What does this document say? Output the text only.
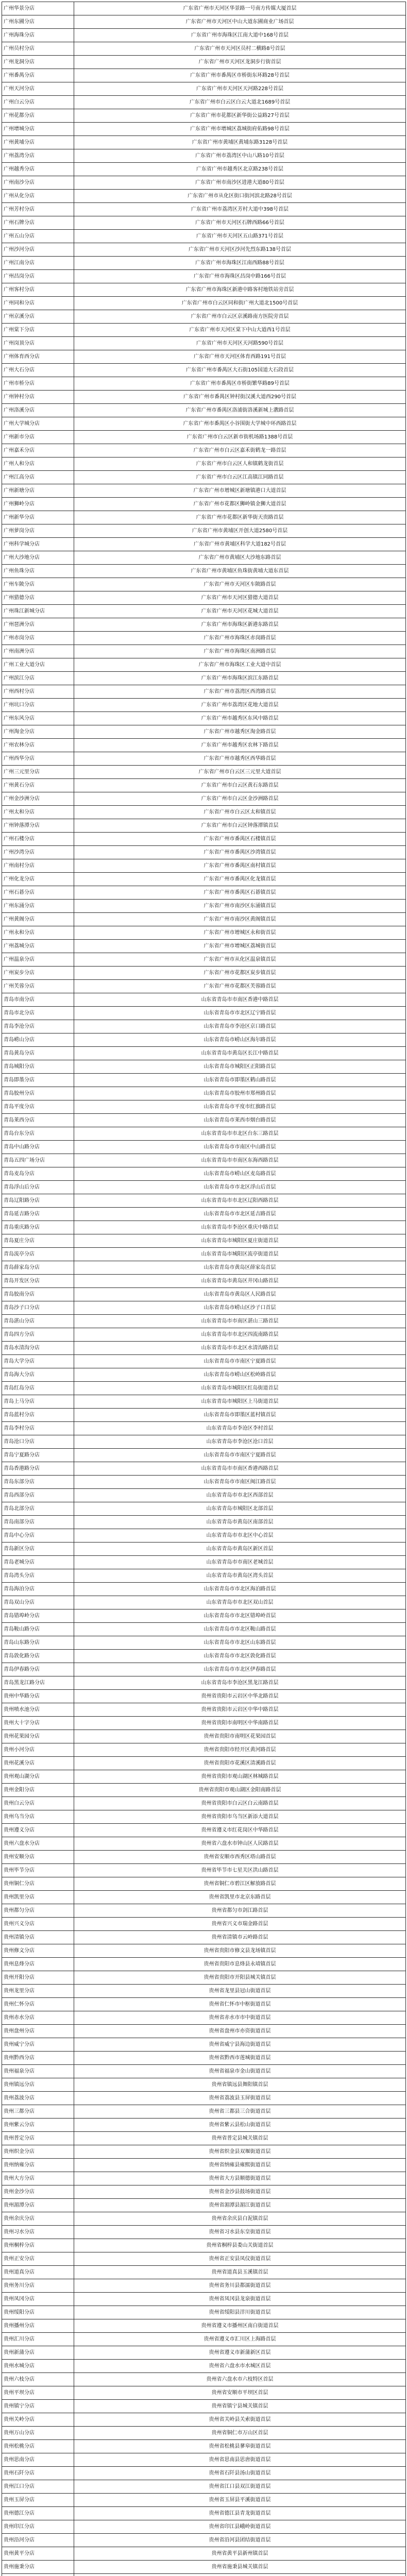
广州华景分店	广东省广州市天河区华景路一号南方传媒大厦首层
广州东圃分店	广东省广州市天河区中山大道东圃商业广场首层
广州海珠分店	广东省广州市海珠区江南大道中168号首层
广州员村分店	广东省广州市天河区员村二横路8号首层
广州龙洞分店	广东省广州市天河区龙洞步行街首层
广州番禺分店	广东省广州市番禺区市桥街东环路28号首层
广州天河分店	广东省广州市天河区天河路228号首层
广州白云分店	广东省广州市白云区白云大道北1689号首层
广州花都分店	广东省广州市花都区新华街公益路27号首层
广州增城分店	广东省广州市增城区荔城街府佑路98号首层
广州黄埔分店	广东省广州市黄埔区黄埔东路3128号首层
广州荔湾分店	广东省广州市荔湾区中山八路10号首层
广州越秀分店	广东省广州市越秀区北京路238号首层
广州南沙分店	广东省广州市南沙区进港大道80号首层
广州从化分店	广东省广州市从化区街口街河滨北路28号首层
广州芳村分店	广东省广州市荔湾区芳村大道中398号首层
广州石牌分店	广东省广州市天河区石牌西路66号首层
广州五山分店	广东省广州市天河区五山路371号首层
广州沙河分店	广东省广州市天河区沙河先烈东路138号首层
广州江南分店	广东省广州市海珠区江南西路88号首层
广州昌岗分店	广东省广州市海珠区昌岗中路166号首层
广州客村分店	广东省广州市海珠区新港中路客村地铁站旁首层
广州同和分店	广东省广州市白云区同和街广州大道北1500号首层
广州京溪分店	广东省广州市白云区京溪路南方医院旁首层
广州棠下分店	广东省广州市天河区棠下中山大道西1号首层
广州岗顶分店	广东省广州市天河区天河路590号首层
广州体育西分店	广东省广州市天河区体育西路191号首层
广州大石分店	广东省广州市番禺区大石街105国道大石段首层
广州市桥分店	广东省广州市番禺区市桥街繁华路89号首层
广州钟村分店	广东省广州市番禺区钟村街汉溪大道西290号首层
广州洛溪分店	广东省广州市番禺区洛浦街洛溪新城上漖路首层
广州大学城分店	广东省广州市番禺区小谷围街大学城中环西路首层
广州新市分店	广东省广州市白云区新市街机场路1388号首层
广州嘉禾分店	广东省广州市白云区嘉禾街鹤龙一路首层
广州人和分店	广东省广州市白云区人和镇鹤龙街首层
广州江高分店	广东省广州市白云区江高镇江同路首层
广州新塘分店	广东省广州市增城区新塘镇港口大道首层
广州狮岭分店	广东省广州市花都区狮岭镇金狮大道首层
广州新华分店	广东省广州市花都区新华街天贵路首层
广州萝岗分店	广东省广州市黄埔区开创大道2580号首层
广州科学城分店	广东省广州市黄埔区科学大道182号首层
广州大沙地分店	广东省广州市黄埔区大沙地东路首层
广州鱼珠分店	广东省广州市黄埔区鱼珠街黄埔大道东首层
广州车陂分店	广东省广州市天河区车陂路首层
广州猎德分店	广东省广州市天河区猎德大道首层
广州珠江新城分店	广东省广州市天河区花城大道首层
广州琶洲分店	广东省广州市海珠区新港东路首层
广州赤岗分店	广东省广州市海珠区赤岗路首层
广州南洲分店	广东省广州市海珠区南洲路首层
广州工业大道分店	广东省广州市海珠区工业大道中首层
广州滨江分店	广东省广州市海珠区滨江东路首层
广州西村分店	广东省广州市荔湾区西湾路首层
广州坑口分店	广东省广州市荔湾区花地大道首层
广州东风分店	广东省广州市越秀区东风中路首层
广州淘金分店	广东省广州市越秀区淘金路首层
广州农林分店	广东省广州市越秀区农林下路首层
广州西华分店	广东省广州市越秀区西华路首层
广州三元里分店	广东省广州市白云区三元里大道首层
广州黄石分店	广东省广州市白云区黄石东路首层
广州金沙洲分店	广东省广州市白云区金沙洲路首层
广州太和分店	广东省广州市白云区太和镇首层
广州钟落潭分店	广东省广州市白云区钟落潭镇首层
广州石楼分店	广东省广州市番禺区石楼镇首层
广州沙湾分店	广东省广州市番禺区沙湾镇首层
广州南村分店	广东省广州市番禺区南村镇首层
广州化龙分店	广东省广州市番禺区化龙镇首层
广州石碁分店	广东省广州市番禺区石碁镇首层
广州东涌分店	广东省广州市南沙区东涌镇首层
广州黄阁分店	广东省广州市南沙区黄阁镇首层
广州永和分店	广东省广州市增城区永和街首层
广州荔城分店	广东省广州市增城区荔城街首层
广州温泉分店	广东省广州市从化区温泉镇首层
广州炭步分店	广东省广州市花都区炭步镇首层
广州芙蓉分店	广东省广州市花都区芙蓉路首层
青岛市南分店	山东省青岛市市南区香港中路首层
青岛市北分店	山东省青岛市市北区辽宁路首层
青岛李沧分店	山东省青岛市李沧区京口路首层
青岛崂山分店	山东省青岛市崂山区海尔路首层
青岛黄岛分店	山东省青岛市黄岛区长江中路首层
青岛城阳分店	山东省青岛市城阳区正阳路首层
青岛即墨分店	山东省青岛市即墨区鹤山路首层
青岛胶州分店	山东省青岛市胶州市郑州路首层
青岛平度分店	山东省青岛市平度市红旗路首层
青岛莱西分店	山东省青岛市莱西市烟台路首层
青岛台东分店	山东省青岛市市北区台东三路首层
青岛中山路分店	山东省青岛市市南区中山路首层
青岛五四广场分店	山东省青岛市市南区东海西路首层
青岛麦岛分店	山东省青岛市崂山区麦岛路首层
青岛浮山后分店	山东省青岛市市北区浮山后首层
青岛辽阳路分店	山东省青岛市市北区辽阳西路首层
青岛延吉路分店	山东省青岛市市北区延吉路首层
青岛重庆路分店	山东省青岛市李沧区重庆中路首层
青岛夏庄分店	山东省青岛市城阳区夏庄街道首层
青岛流亭分店	山东省青岛市城阳区流亭街道首层
青岛薛家岛分店	山东省青岛市黄岛区薛家岛首层
青岛开发区分店	山东省青岛市黄岛区井冈山路首层
青岛胶南分店	山东省青岛市黄岛区人民路首层
青岛沙子口分店	山东省青岛市崂山区沙子口首层
青岛湛山分店	山东省青岛市市南区湛山三路首层
青岛四方分店	山东省青岛市市北区四流南路首层
青岛水清沟分店	山东省青岛市市北区水清沟路首层
青岛大学分店	山东省青岛市市南区宁夏路首层
青岛海大分店	山东省青岛市崂山区松岭路首层
青岛红岛分店	山东省青岛市城阳区红岛街道首层
青岛上马分店	山东省青岛市城阳区上马街道首层
青岛蓝村分店	山东省青岛市即墨区蓝村镇首层
青岛李村分店	山东省青岛市李沧区李村首层
青岛沧口分店	山东省青岛市李沧区沧口首层
青岛宁夏路分店	山东省青岛市市南区宁夏路首层
青岛香港路分店	山东省青岛市市南区香港西路首层
青岛东部分店	山东省青岛市市南区闽江路首层
青岛西部分店	山东省青岛市市北区西部首层
青岛北部分店	山东省青岛市城阳区北部首层
青岛南部分店	山东省青岛市黄岛区南部首层
青岛中心分店	山东省青岛市市北区中心首层
青岛新区分店	山东省青岛市黄岛区新区首层
青岛老城分店	山东省青岛市市南区老城首层
青岛湾头分店	山东省青岛市黄岛区湾头首层
青岛海泊分店	山东省青岛市市北区海泊路首层
青岛双山分店	山东省青岛市市北区双山首层
青岛错埠岭分店	山东省青岛市市北区错埠岭首层
青岛鞍山路分店	山东省青岛市市北区鞍山路首层
青岛山东路分店	山东省青岛市市北区山东路首层
青岛敦化路分店	山东省青岛市市北区敦化路首层
青岛伊春路分店	山东省青岛市市北区伊春路首层
青岛黑龙江路分店	山东省青岛市李沧区黑龙江路首层
贵州中华路分店	贵州省贵阳市云岩区中华北路首层
贵州喷水池分店	贵州省贵阳市云岩区中华中路首层
贵州大十字分店	贵州省贵阳市南明区中华南路首层
贵州花果园分店	贵州省贵阳市南明区花果园首层
贵州小河分店	贵州省贵阳市经开区黄河路首层
贵州花溪分店	贵州省贵阳市花溪区清溪路首层
贵州观山湖分店	贵州省贵阳市观山湖区林城路首层
贵州金阳分店	贵州省贵阳市观山湖区金阳南路首层
贵州白云分店	贵州省贵阳市白云区白云南路首层
贵州乌当分店	贵州省贵阳市乌当区新添大道首层
贵州遵义分店	贵州省遵义市红花岗区中华路首层
贵州六盘水分店	贵州省六盘水市钟山区人民路首层
贵州安顺分店	贵州省安顺市西秀区塔山路首层
贵州毕节分店	贵州省毕节市七星关区洪山路首层
贵州铜仁分店	贵州省铜仁市碧江区解放路首层
贵州凯里分店	贵州省凯里市北京东路首层
贵州都匀分店	贵州省都匀市剑江路首层
贵州兴义分店	贵州省兴义市瑞金路首层
贵州清镇分店	贵州省清镇市云岭路首层
贵州修文分店	贵州省贵阳市修文县龙场镇首层
贵州息烽分店	贵州省贵阳市息烽县永靖镇首层
贵州开阳分店	贵州省贵阳市开阳县城关镇首层
贵州龙里分店	贵州省龙里县冠山街道首层
贵州仁怀分店	贵州省仁怀市中枢街道首层
贵州赤水分店	贵州省赤水市市中街道首层
贵州盘州分店	贵州省盘州市亦资街道首层
贵州威宁分店	贵州省威宁县海边街道首层
贵州黔西分店	贵州省黔西市莲城街道首层
贵州福泉分店	贵州省福泉市金山街道首层
贵州镇远分店	贵州省镇远县舞阳镇首层
贵州荔波分店	贵州省荔波县玉屏街道首层
贵州三都分店	贵州省三都县三合街道首层
贵州紫云分店	贵州省紫云县松山街道首层
贵州普定分店	贵州省普定县城关镇首层
贵州织金分店	贵州省织金县双堰街道首层
贵州纳雍分店	贵州省纳雍县雍熙街道首层
贵州大方分店	贵州省大方县顺德街道首层
贵州金沙分店	贵州省金沙县鼓场街道首层
贵州湄潭分店	贵州省湄潭县湄江街道首层
贵州余庆分店	贵州省余庆县白泥镇首层
贵州习水分店	贵州省习水县东皇街道首层
贵州桐梓分店	贵州省桐梓县娄山关街道首层
贵州正安分店	贵州省正安县凤仪街道首层
贵州道真分店	贵州省道真县玉溪镇首层
贵州务川分店	贵州省务川县都濡街道首层
贵州凤冈分店	贵州省凤冈县龙泉街道首层
贵州绥阳分店	贵州省绥阳县洋川街道首层
贵州播州分店	贵州省遵义市播州区南白街道首层
贵州汇川分店	贵州省遵义市汇川区上海路首层
贵州新蒲分店	贵州省遵义市新蒲新区首层
贵州水城分店	贵州省六盘水市水城区首层
贵州六枝分店	贵州省六盘水市六枝特区首层
贵州平坝分店	贵州省安顺市平坝区首层
贵州镇宁分店	贵州省镇宁县城关镇首层
贵州关岭分店	贵州省关岭县关索街道首层
贵州万山分店	贵州省铜仁市万山区首层
贵州松桃分店	贵州省松桃县蓼皋街道首层
贵州思南分店	贵州省思南县思唐街道首层
贵州石阡分店	贵州省石阡县汤山街道首层
贵州江口分店	贵州省江口县双江街道首层
贵州玉屏分店	贵州省玉屏县平溪街道首层
贵州德江分店	贵州省德江县青龙街道首层
贵州印江分店	贵州省印江县峨岭街道首层
贵州沿河分店	贵州省沿河县团结街道首层
贵州黄平分店	贵州省黄平县新州镇首层
贵州施秉分店	贵州省施秉县城关镇首层
